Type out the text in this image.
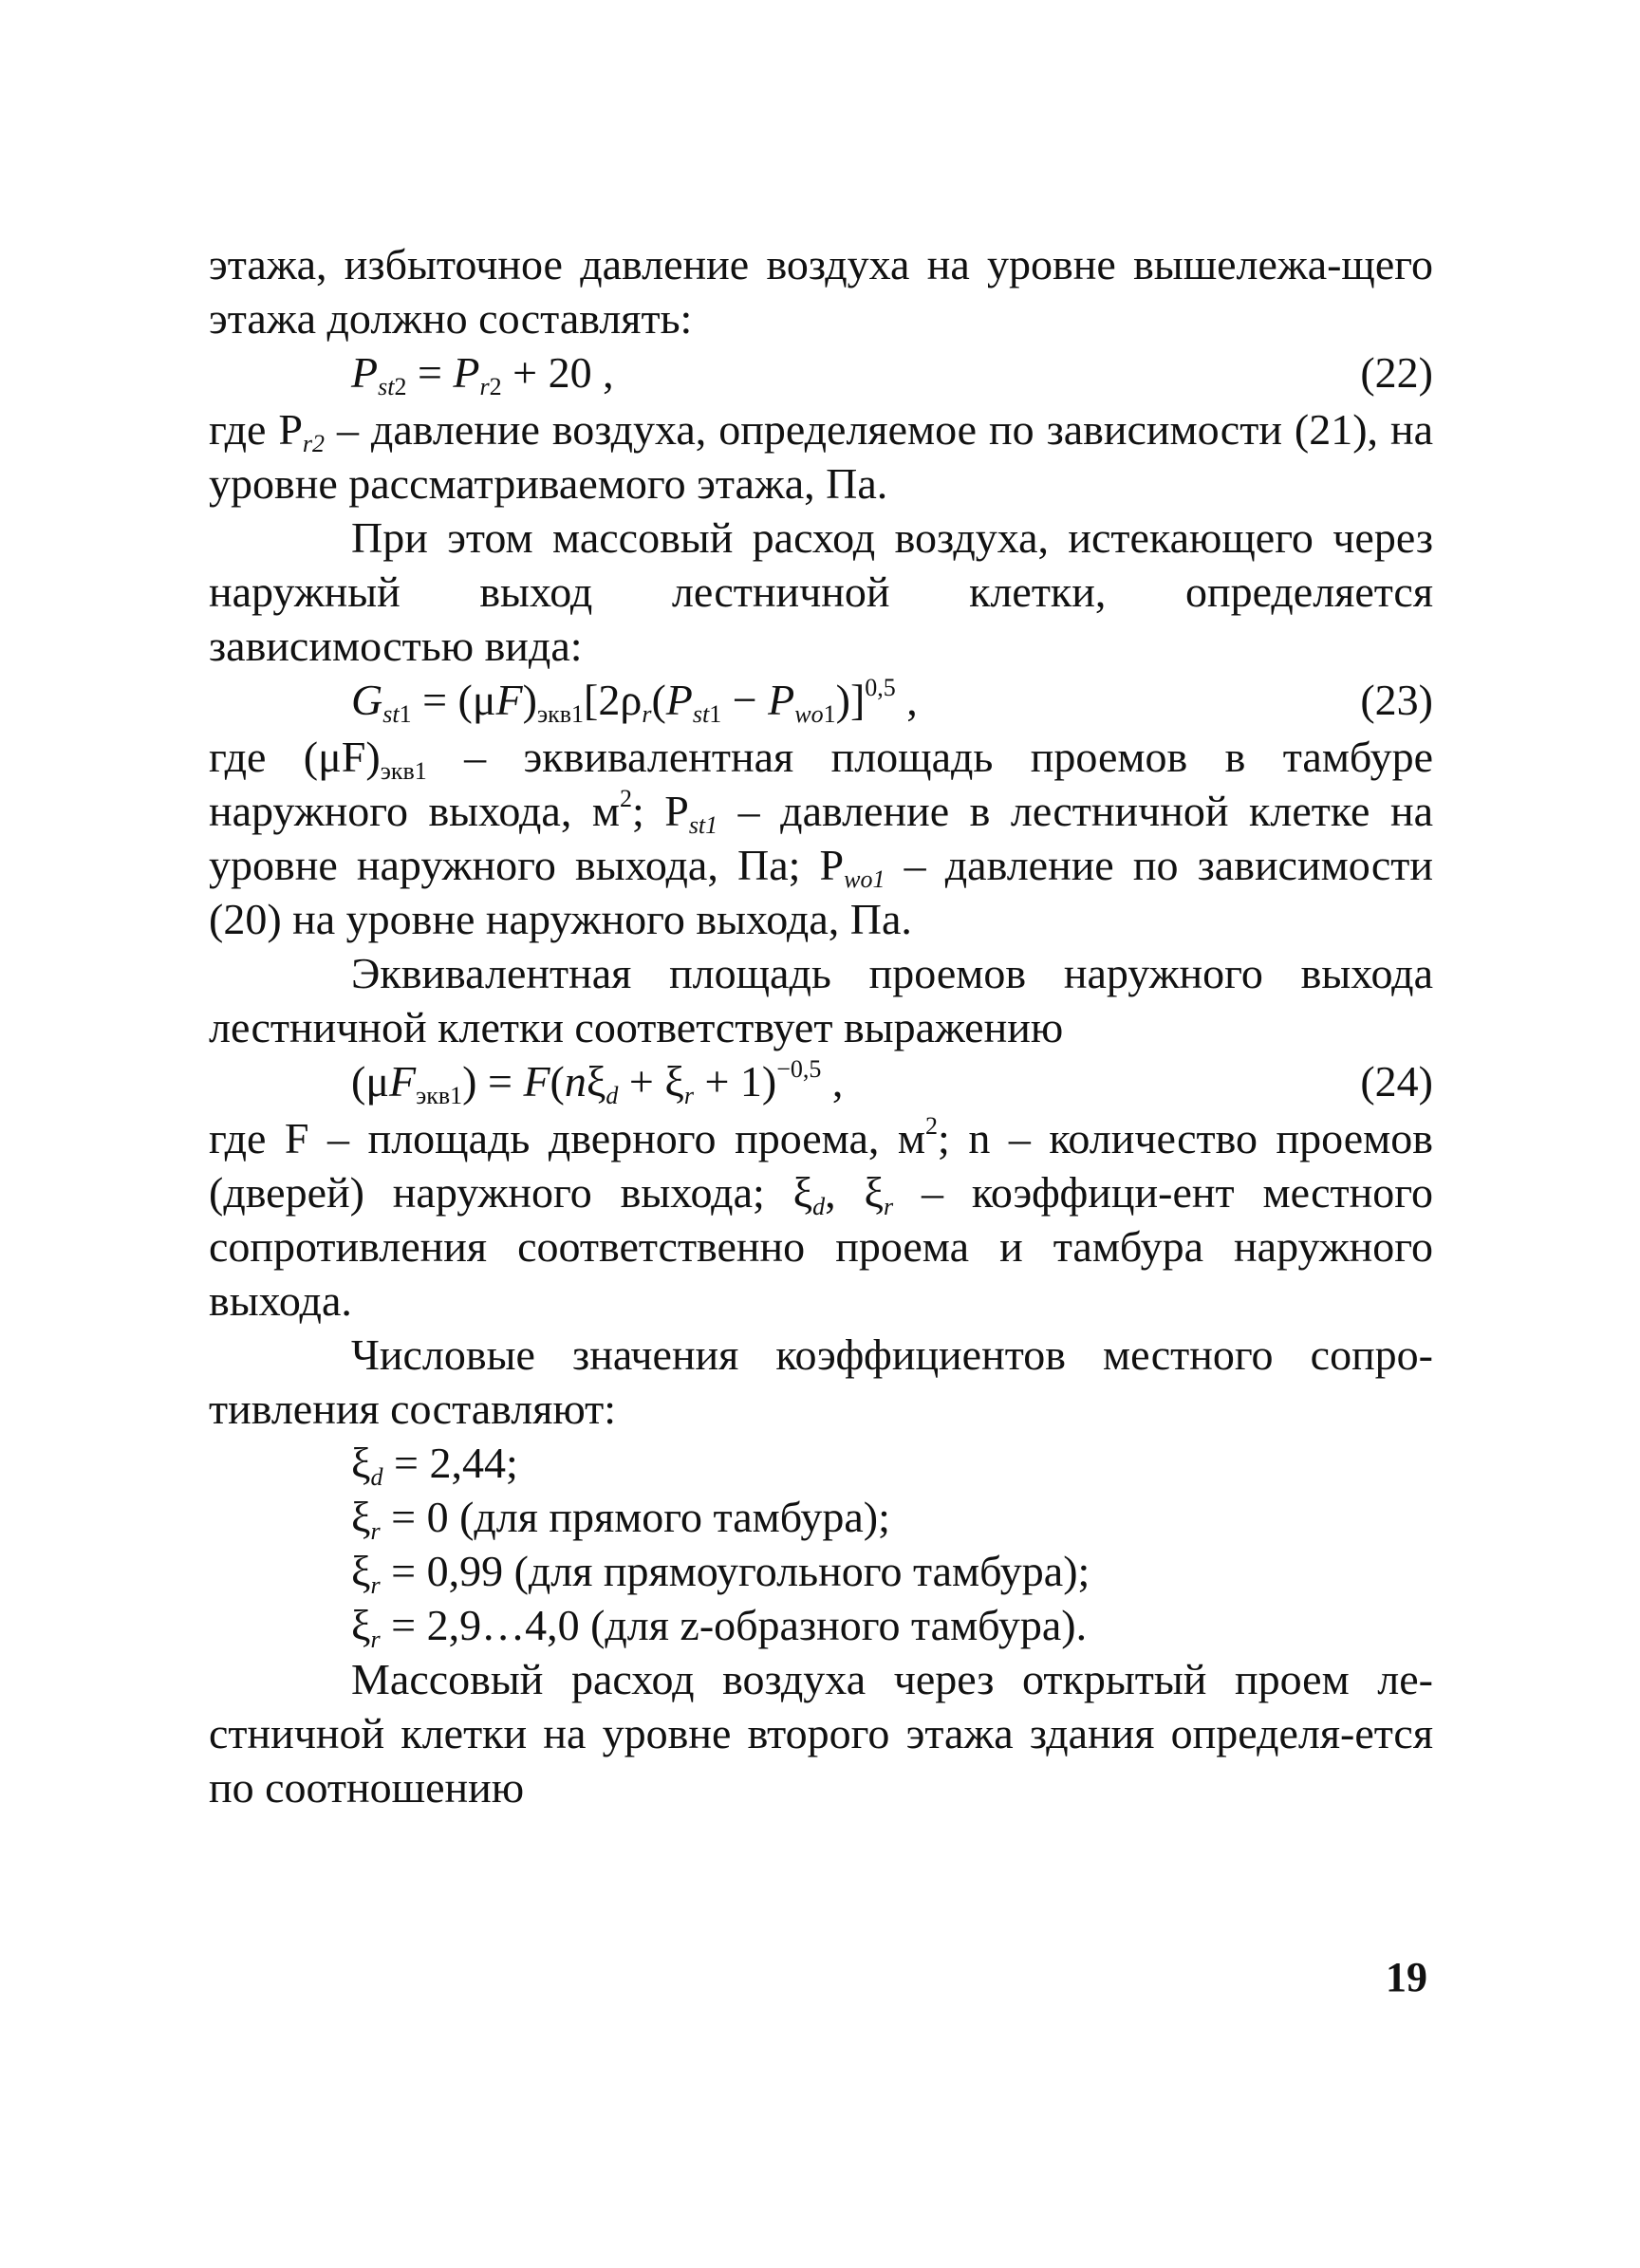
этажа, избыточное давление воздуха на уровне вышележа-щего этажа должно составлять:

$P_{st2} = P_{r2} + 20$ ,	(22)

где $P_{r2}$ – давление воздуха, определяемое по зависимости (21), на уровне рассматриваемого этажа, Па.

При этом массовый расход воздуха, истекающего через наружный выход лестничной клетки, определяется зависимостью вида:

$G_{st1} = (\mu F)_{экв1}[2\rho_r(P_{st1} - P_{wo1})]^{0,5}$ ,	(23)

где $(\mu F)_{экв1}$ – эквивалентная площадь проемов в тамбуре наружного выхода, $м^2$; $P_{st1}$ – давление в лестничной клетке на уровне наружного выхода, Па; $P_{wo1}$ – давление по зависимости (20) на уровне наружного выхода, Па.

Эквивалентная площадь проемов наружного выхода лестничной клетки соответствует выражению

$(\mu F_{экв1}) = F(n\xi_d + \xi_r + 1)^{-0,5}$ ,	(24)

где F – площадь дверного проема, $м^2$; n – количество проемов (дверей) наружного выхода; $\xi_d$, $\xi_r$ – коэффици-ент местного сопротивления соответственно проема и тамбура наружного выхода.

Числовые значения коэффициентов местного сопро-тивления составляют:

$\xi_d = 2,44$;
$\xi_r = 0$ (для прямого тамбура);
$\xi_r = 0,99$ (для прямоугольного тамбура);
$\xi_r$ = 2,9…4,0 (для z-образного тамбура).

Массовый расход воздуха через открытый проем ле-стничной клетки на уровне второго этажа здания определя-ется по соотношению

19
